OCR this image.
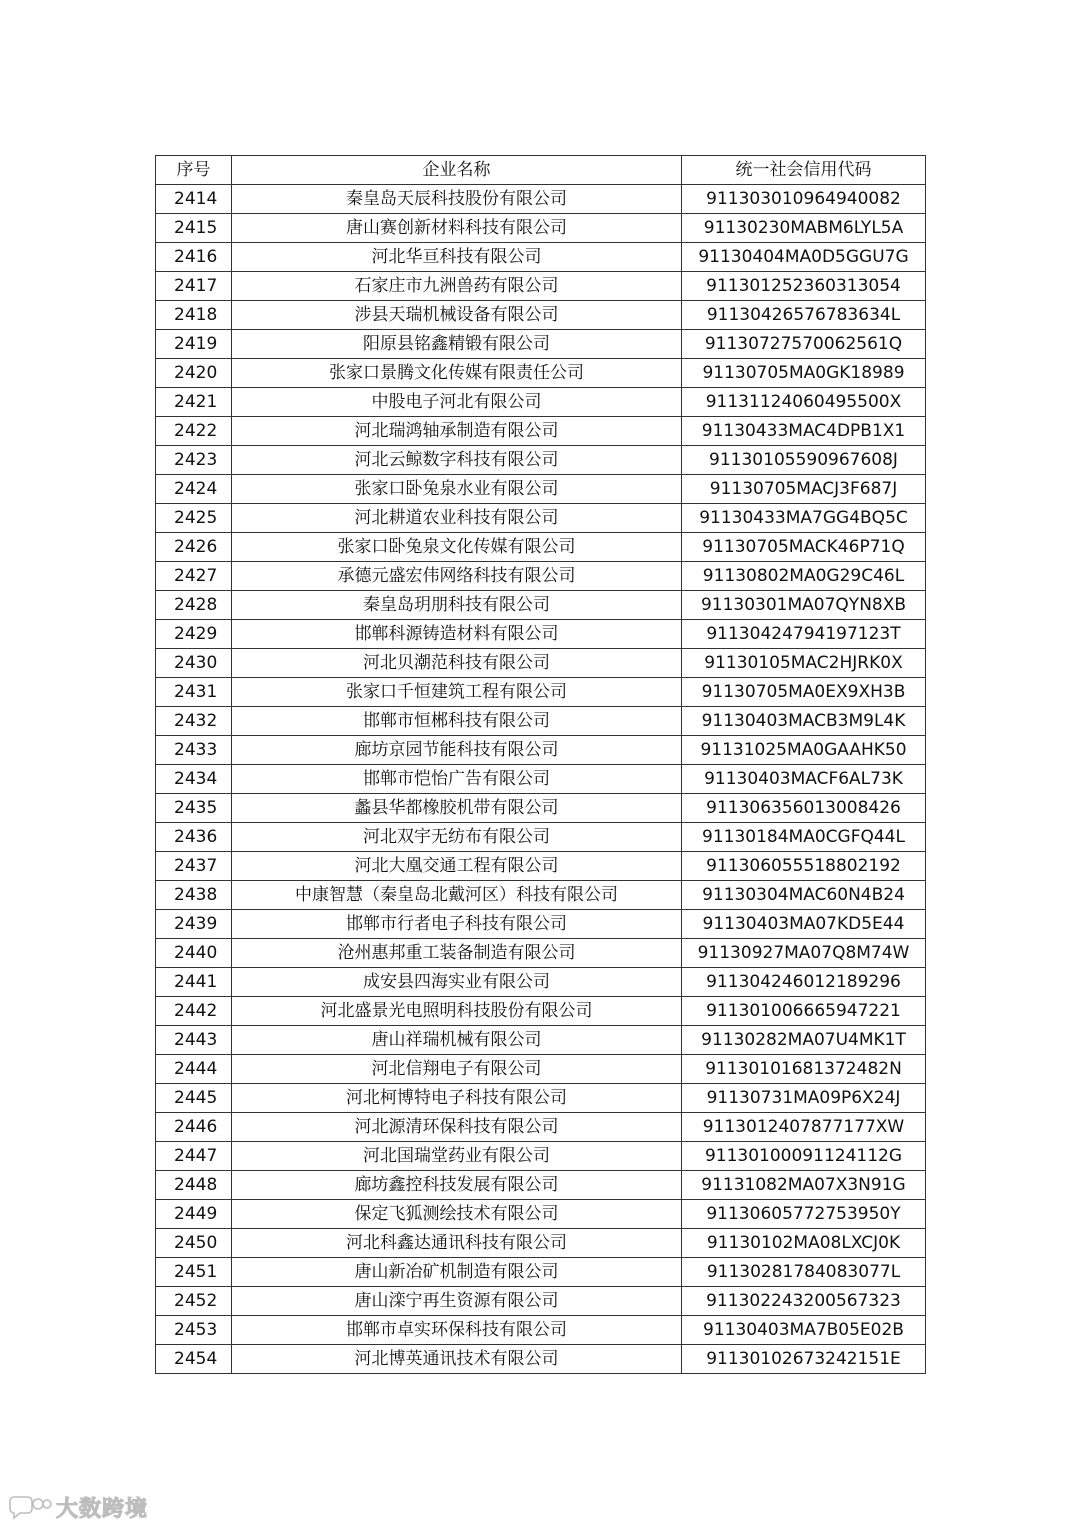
序号	企业名称	统一社会信用代码
2414	秦皇岛天辰科技股份有限公司	911303010964940082
2415	唐山赛创新材料科技有限公司	91130230MABM6LYL5A
2416	河北华亘科技有限公司	91130404MA0D5GGU7G
2417	石家庄市九洲兽药有限公司	911301252360313054
2418	涉县天瑞机械设备有限公司	91130426576783634L
2419	阳原县铭鑫精锻有限公司	91130727570062561Q
2420	张家口景腾文化传媒有限责任公司	91130705MA0GK18989
2421	中股电子河北有限公司	91131124060495500X
2422	河北瑞鸿轴承制造有限公司	91130433MAC4DPB1X1
2423	河北云鲸数字科技有限公司	91130105590967608J
2424	张家口卧兔泉水业有限公司	91130705MACJ3F687J
2425	河北耕道农业科技有限公司	91130433MA7GG4BQ5C
2426	张家口卧兔泉文化传媒有限公司	91130705MACK46P71Q
2427	承德元盛宏伟网络科技有限公司	91130802MA0G29C46L
2428	秦皇岛玥朋科技有限公司	91130301MA07QYN8XB
2429	邯郸科源铸造材料有限公司	91130424794197123T
2430	河北贝潮范科技有限公司	91130105MAC2HJRK0X
2431	张家口千恒建筑工程有限公司	91130705MA0EX9XH3B
2432	邯郸市恒郴科技有限公司	91130403MACB3M9L4K
2433	廊坊京园节能科技有限公司	91131025MA0GAAHK50
2434	邯郸市恺怡广告有限公司	91130403MACF6AL73K
2435	蠡县华都橡胶机带有限公司	911306356013008426
2436	河北双宇无纺布有限公司	91130184MA0CGFQ44L
2437	河北大凰交通工程有限公司	911306055518802192
2438	中康智慧（秦皇岛北戴河区）科技有限公司	91130304MAC60N4B24
2439	邯郸市行者电子科技有限公司	91130403MA07KD5E44
2440	沧州惠邦重工装备制造有限公司	91130927MA07Q8M74W
2441	成安县四海实业有限公司	911304246012189296
2442	河北盛景光电照明科技股份有限公司	911301006665947221
2443	唐山祥瑞机械有限公司	91130282MA07U4MK1T
2444	河北信翔电子有限公司	91130101681372482N
2445	河北柯博特电子科技有限公司	91130731MA09P6X24J
2446	河北源清环保科技有限公司	911301240787717​7XW
2447	河北国瑞堂药业有限公司	91130100091124112G
2448	廊坊鑫控科技发展有限公司	91131082MA07X3N91G
2449	保定飞狐测绘技术有限公司	91130605772753950Y
2450	河北科鑫达通讯科技有限公司	91130102MA08LXCJ0K
2451	唐山新冶矿机制造有限公司	91130281784083077L
2452	唐山滦宁再生资源有限公司	911302243200567323
2453	邯郸市卓实环保科技有限公司	91130403MA7B05E02B
2454	河北博英通讯技术有限公司	91130102673242151E
大数跨境
